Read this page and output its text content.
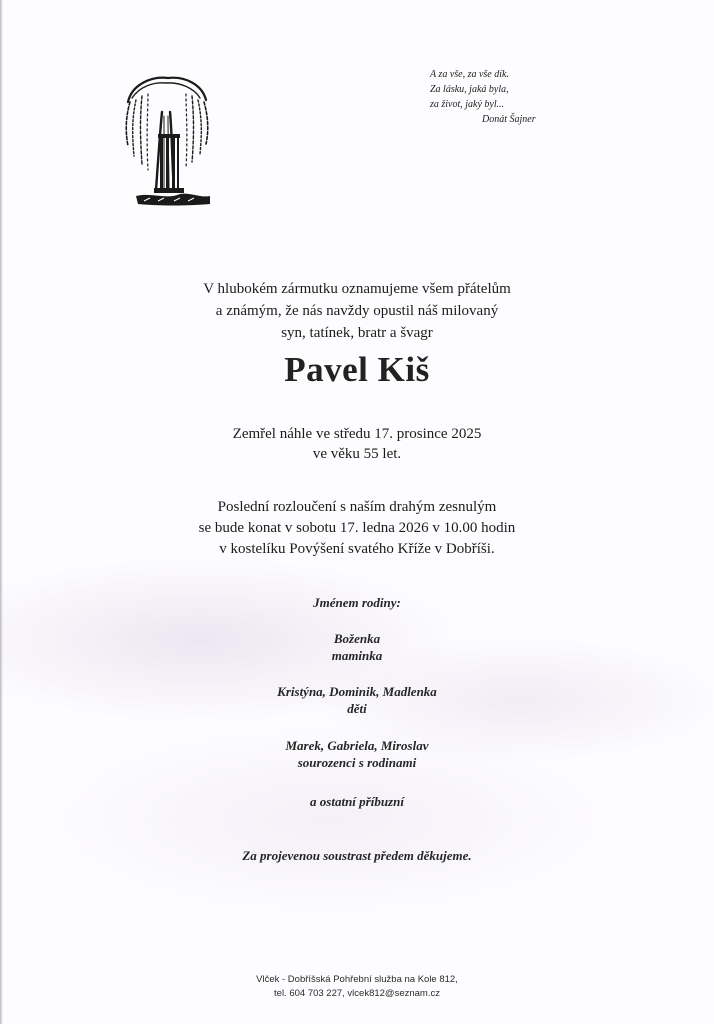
A za vše, za vše dík.
Za lásku, jaká byla,
za život, jaký byl...
Donát Šajner
V hlubokém zármutku oznamujeme všem přátelům
a známým, že nás navždy opustil náš milovaný
syn, tatínek, bratr a švagr
Pavel Kiš
Zemřel náhle ve středu 17. prosince 2025
ve věku 55 let.
Poslední rozloučení s naším drahým zesnulým
se bude konat v sobotu 17. ledna 2026 v 10.00 hodin
v kostelíku Povýšení svatého Kříže v Dobříši.
Jménem rodiny:
Boženka
maminka
Kristýna, Dominik, Madlenka
děti
Marek, Gabriela, Miroslav
sourozenci s rodinami
a ostatní příbuzní
Za projevenou soustrast předem děkujeme.
Vlček - Dobříšská Pohřební služba na Kole 812,
tel. 604 703 227, vlcek812@seznam.cz
